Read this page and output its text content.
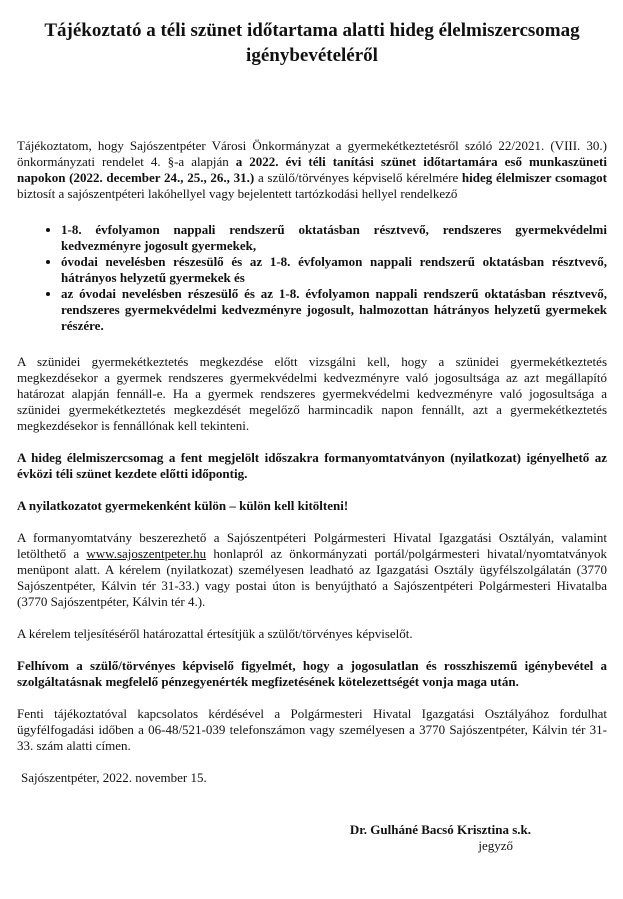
Tájékoztató a téli szünet időtartama alatti hideg élelmiszercsomag igénybevételéről

Tájékoztatom, hogy Sajószentpéter Városi Önkormányzat a gyermekétkeztetésről szóló 22/2021. (VIII. 30.) önkormányzati rendelet 4. §-a alapján a 2022. évi téli tanítási szünet időtartamára eső munkaszüneti napokon (2022. december 24., 25., 26., 31.) a szülő/törvényes képviselő kérelmére hideg élelmiszer csomagot biztosít a sajószentpéteri lakóhellyel vagy bejelentett tartózkodási hellyel rendelkező

• 1-8. évfolyamon nappali rendszerű oktatásban résztvevő, rendszeres gyermekvédelmi kedvezményre jogosult gyermekek,
• óvodai nevelésben részesülő és az 1-8. évfolyamon nappali rendszerű oktatásban résztvevő, hátrányos helyzetű gyermekek és
• az óvodai nevelésben részesülő és az 1-8. évfolyamon nappali rendszerű oktatásban résztvevő, rendszeres gyermekvédelmi kedvezményre jogosult, halmozottan hátrányos helyzetű gyermekek részére.

A szünidei gyermekétkeztetés megkezdése előtt vizsgálni kell, hogy a szünidei gyermekétkeztetés megkezdésekor a gyermek rendszeres gyermekvédelmi kedvezményre való jogosultsága az azt megállapító határozat alapján fennáll-e. Ha a gyermek rendszeres gyermekvédelmi kedvezményre való jogosultsága a szünidei gyermekétkeztetés megkezdését megelőző harmincadik napon fennállt, azt a gyermekétkeztetés megkezdésekor is fennállónak kell tekinteni.

A hideg élelmiszercsomag a fent megjelölt időszakra formanyomtatványon (nyilatkozat) igényelhető az évközi téli szünet kezdete előtti időpontig.

A nyilatkozatot gyermekenként külön – külön kell kitölteni!

A formanyomtatvány beszerezhető a Sajószentpéteri Polgármesteri Hivatal Igazgatási Osztályán, valamint letölthető a www.sajoszentpeter.hu honlapról az önkormányzati portál/polgármesteri hivatal/nyomtatványok menüpont alatt. A kérelem (nyilatkozat) személyesen leadható az Igazgatási Osztály ügyfélszolgálatán (3770 Sajószentpéter, Kálvin tér 31-33.) vagy postai úton is benyújtható a Sajószentpéteri Polgármesteri Hivatalba (3770 Sajószentpéter, Kálvin tér 4.).

A kérelem teljesítéséről határozattal értesítjük a szülőt/törvényes képviselőt.

Felhívom a szülő/törvényes képviselő figyelmét, hogy a jogosulatlan és rosszhiszemű igénybevétel a szolgáltatásnak megfelelő pénzegyenérték megfizetésének kötelezettségét vonja maga után.

Fenti tájékoztatóval kapcsolatos kérdésével a Polgármesteri Hivatal Igazgatási Osztályához fordulhat ügyfélfogadási időben a 06-48/521-039 telefonszámon vagy személyesen a 3770 Sajószentpéter, Kálvin tér 31-33. szám alatti címen.

Sajószentpéter, 2022. november 15.

Dr. Gulháné Bacsó Krisztina s.k.
jegyző
